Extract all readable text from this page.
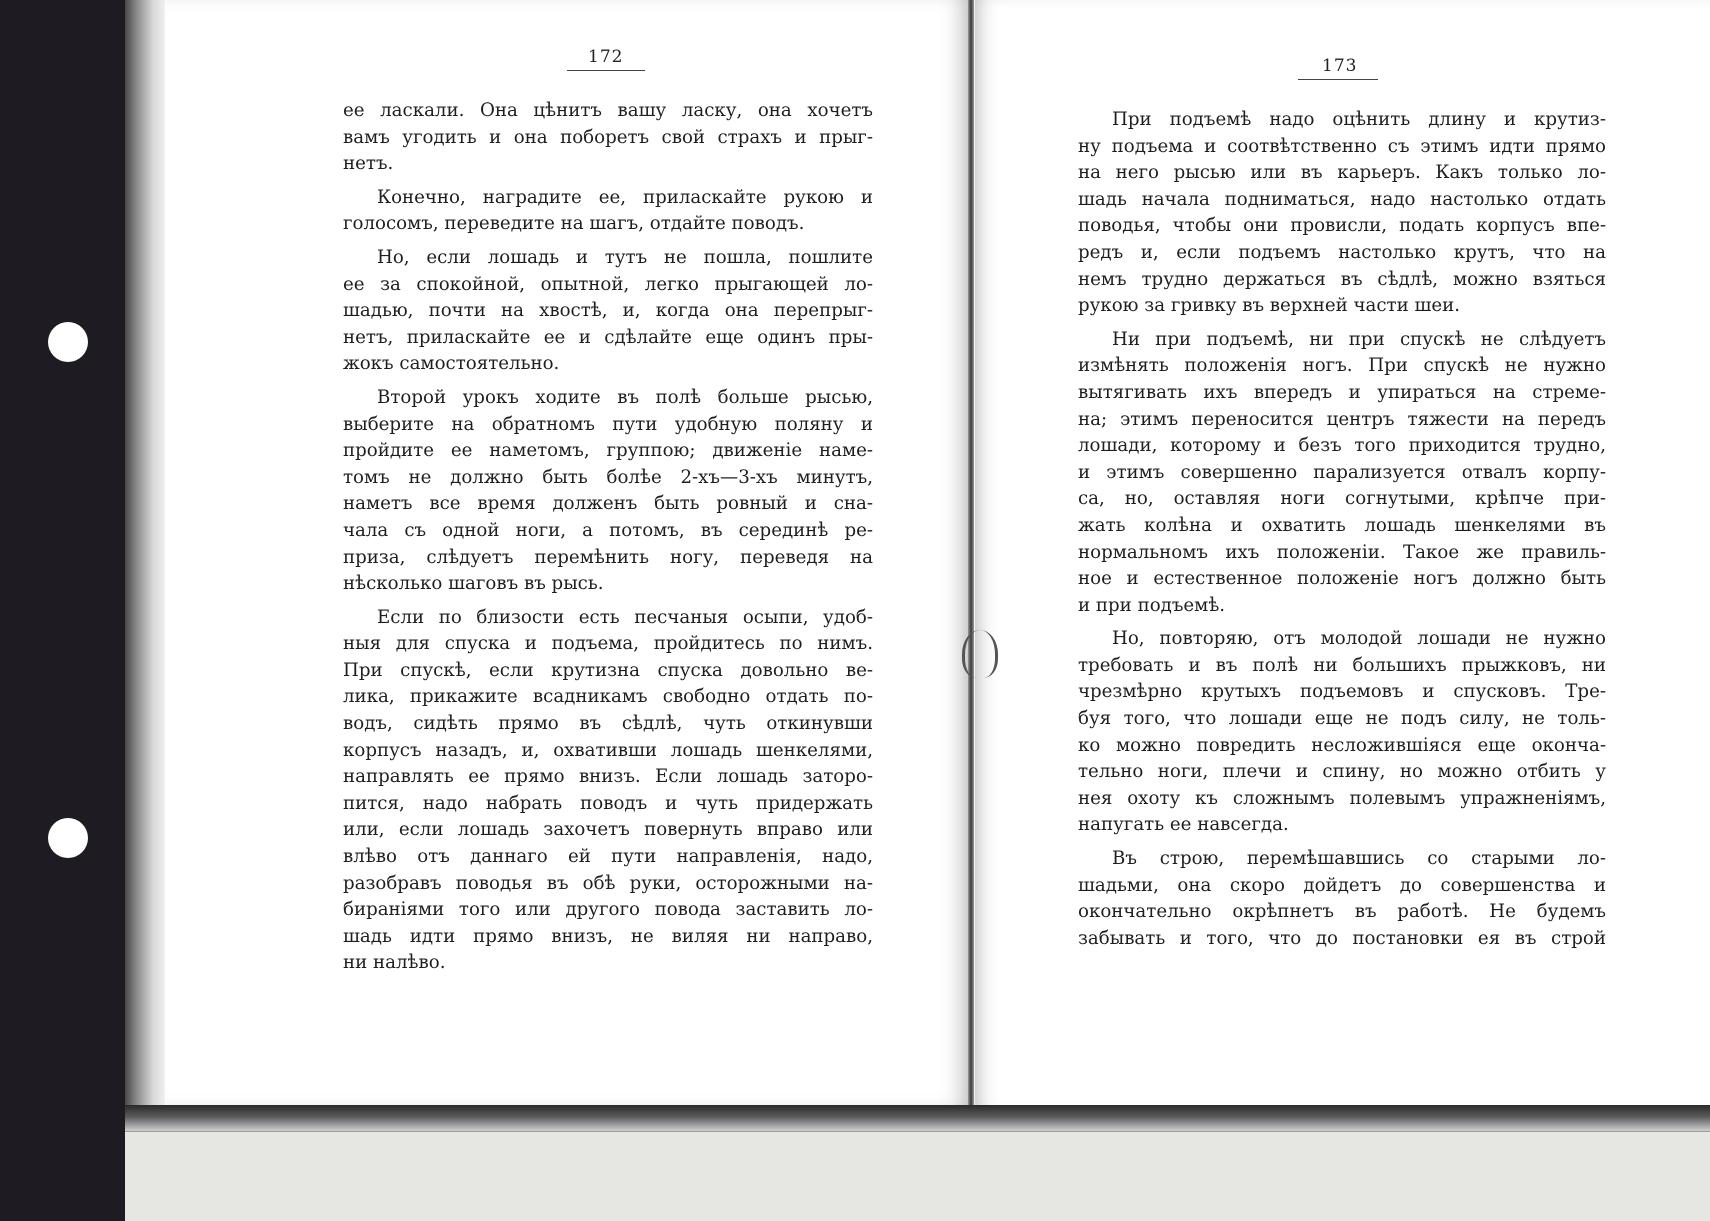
172	173
ее ласкали. Она цѣнитъ вашу ласку, она хочетъ
вамъ угодить и она поборетъ свой страхъ и прыг-
нетъ.
Конечно, наградите ее, приласкайте рукою и
голосомъ, переведите на шагъ, отдайте поводъ.
Но, если лошадь и тутъ не пошла, пошлите
ее за спокойной, опытной, легко прыгающей ло-
шадью, почти на хвостѣ, и, когда она перепрыг-
нетъ, приласкайте ее и сдѣлайте еще одинъ пры-
жокъ самостоятельно.
Второй урокъ ходите въ полѣ больше рысью,
выберите на обратномъ пути удобную поляну и
пройдите ее наметомъ, группою; движенiе наме-
томъ не должно быть болѣе 2-хъ—3-хъ минутъ,
наметъ все время долженъ быть ровный и сна-
чала съ одной ноги, а потомъ, въ серединѣ ре-
приза, слѣдуетъ перемѣнить ногу, переведя на
нѣсколько шаговъ въ рысь.
Если по близости есть песчаныя осыпи, удоб-
ныя для спуска и подъема, пройдитесь по нимъ.
При спускѣ, если крутизна спуска довольно ве-
лика, прикажите всадникамъ свободно отдать по-
водъ, сидѣть прямо въ сѣдлѣ, чуть откинувши
корпусъ назадъ, и, охвативши лошадь шенкелями,
направлять ее прямо внизъ. Если лошадь заторо-
пится, надо набрать поводъ и чуть придержать
или, если лошадь захочетъ повернуть вправо или
влѣво отъ даннаго ей пути направленiя, надо,
разобравъ поводья въ обѣ руки, осторожными на-
бираніями того или другого повода заставить ло-
шадь идти прямо внизъ, не виляя ни направо,
ни налѣво.
При подъемѣ надо оцѣнить длину и крутиз-
ну подъема и соотвѣтственно съ этимъ идти прямо
на него рысью или въ карьеръ. Какъ только ло-
шадь начала подниматься, надо настолько отдать
поводья, чтобы они провисли, подать корпусъ впе-
редъ и, если подъемъ настолько крутъ, что на
немъ трудно держаться въ сѣдлѣ, можно взяться
рукою за гривку въ верхней части шеи.
Ни при подъемѣ, ни при спускѣ не слѣдуетъ
измѣнять положенія ногъ. При спускѣ не нужно
вытягивать ихъ впередъ и упираться на стреме-
на; этимъ переносится центръ тяжести на передъ
лошади, которому и безъ того приходится трудно,
и этимъ совершенно парализуется отвалъ корпу-
са, но, оставляя ноги согнутыми, крѣпче при-
жать колѣна и охватить лошадь шенкелями въ
нормальномъ ихъ положенiи. Такое же правиль-
ное и естественное положенiе ногъ должно быть
и при подъемѣ.
Но, повторяю, отъ молодой лошади не нужно
требовать и въ полѣ ни большихъ прыжковъ, ни
чрезмѣрно крутыхъ подъемовъ и спусковъ. Тре-
буя того, что лошади еще не подъ силу, не толь-
ко можно повредить несложившiяся еще оконча-
тельно ноги, плечи и спину, но можно отбить у
нея охоту къ сложнымъ полевымъ упражненiямъ,
напугать ее навсегда.
Въ строю, перемѣшавшись со старыми ло-
шадьми, она скоро дойдетъ до совершенства и
окончательно окрѣпнетъ въ работѣ. Не будемъ
забывать и того, что до постановки ея въ строй
